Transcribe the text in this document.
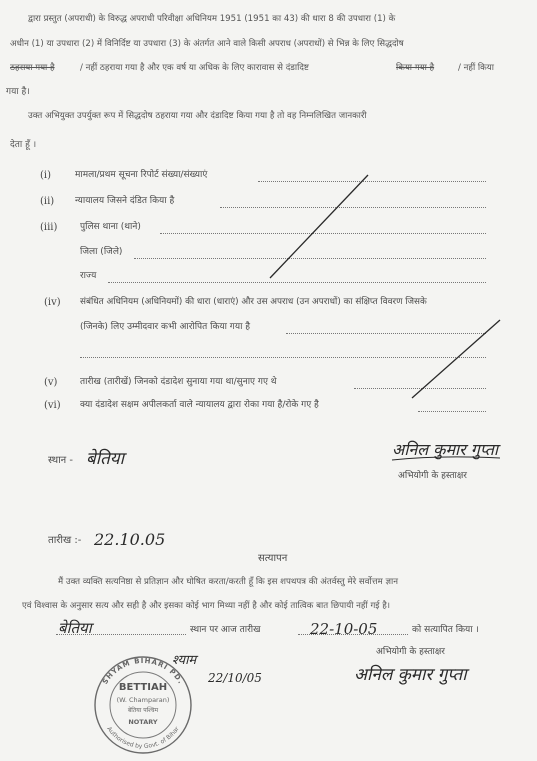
द्वारा प्रस्तुत (अपराधी) के विरुद्ध अपराधी परिवीक्षा अधिनियम 1951 (1951 का 43) की धारा 8 की उपधारा (1) के
अधीन (1) या उपधारा (2) में विनिर्दिष्ट या उपधारा (3) के अंतर्गत आने वाले किसी अपराध (अपराधों) से भिन्न के लिए सिद्धदोष
ठहराया गया है	/ नहीं ठहराया गया है और एक वर्ष या अधिक के लिए कारावास से दंडादिष्ट	किया गया है	/ नहीं किया
गया है।
उक्त अभियुक्त उपर्युक्त रूप में सिद्धदोष ठहराया गया और दंडादिष्ट किया गया है तो वह निम्नलिखित जानकारी
देता हूँ ।
(i)	मामला/प्रथम सूचना रिपोर्ट संख्या/संख्याएं
(ii) न्यायालय जिसने दंडित किया है
(iii)	पुलिस थाना (थाने)
जिला (जिले)
राज्य
(iv) संबंधित अधिनियम (अधिनियमों) की धारा (धाराएं) और उस अपराध (उन अपराधों) का संक्षिप्त विवरण जिसके
(जिनके) लिए उम्मीदवार कभी आरोपित किया गया है
(v)	तारीख (तारीखें) जिनको दंडादेश सुनाया गया था/सुनाए गए थे
(vi) क्या दंडादेश सक्षम अपीलकर्ता वाले न्यायालय द्वारा रोका गया है/रोके गए है
स्थान - बेतिया	अनिल कुमार गुप्ता
अभियोगी के हस्ताक्षर
तारीख :- 22.10.05
सत्यापन
मैं उक्त व्यक्ति सत्यनिष्ठा से प्रतिज्ञान और घोषित करता/करती हूँ कि इस शपथपत्र की अंतर्वस्तु मेरे सर्वोत्तम ज्ञान
एवं विश्वास के अनुसार सत्य और सही है और इसका कोई भाग मिथ्या नहीं है और कोई तात्विक बात छिपायी नहीं गई है।
बेतिया	स्थान पर आज तारीख	22-10-05	को सत्यापित किया ।
अभियोगी के हस्ताक्षर
अनिल कुमार गुप्ता
श्याम
22/10/05
BETTIAH
(W. Champaran)
बेतिया पश्चिम
NOTARY
SHYAM BIHARI PD.
Authorised by Govt. of Bihar
